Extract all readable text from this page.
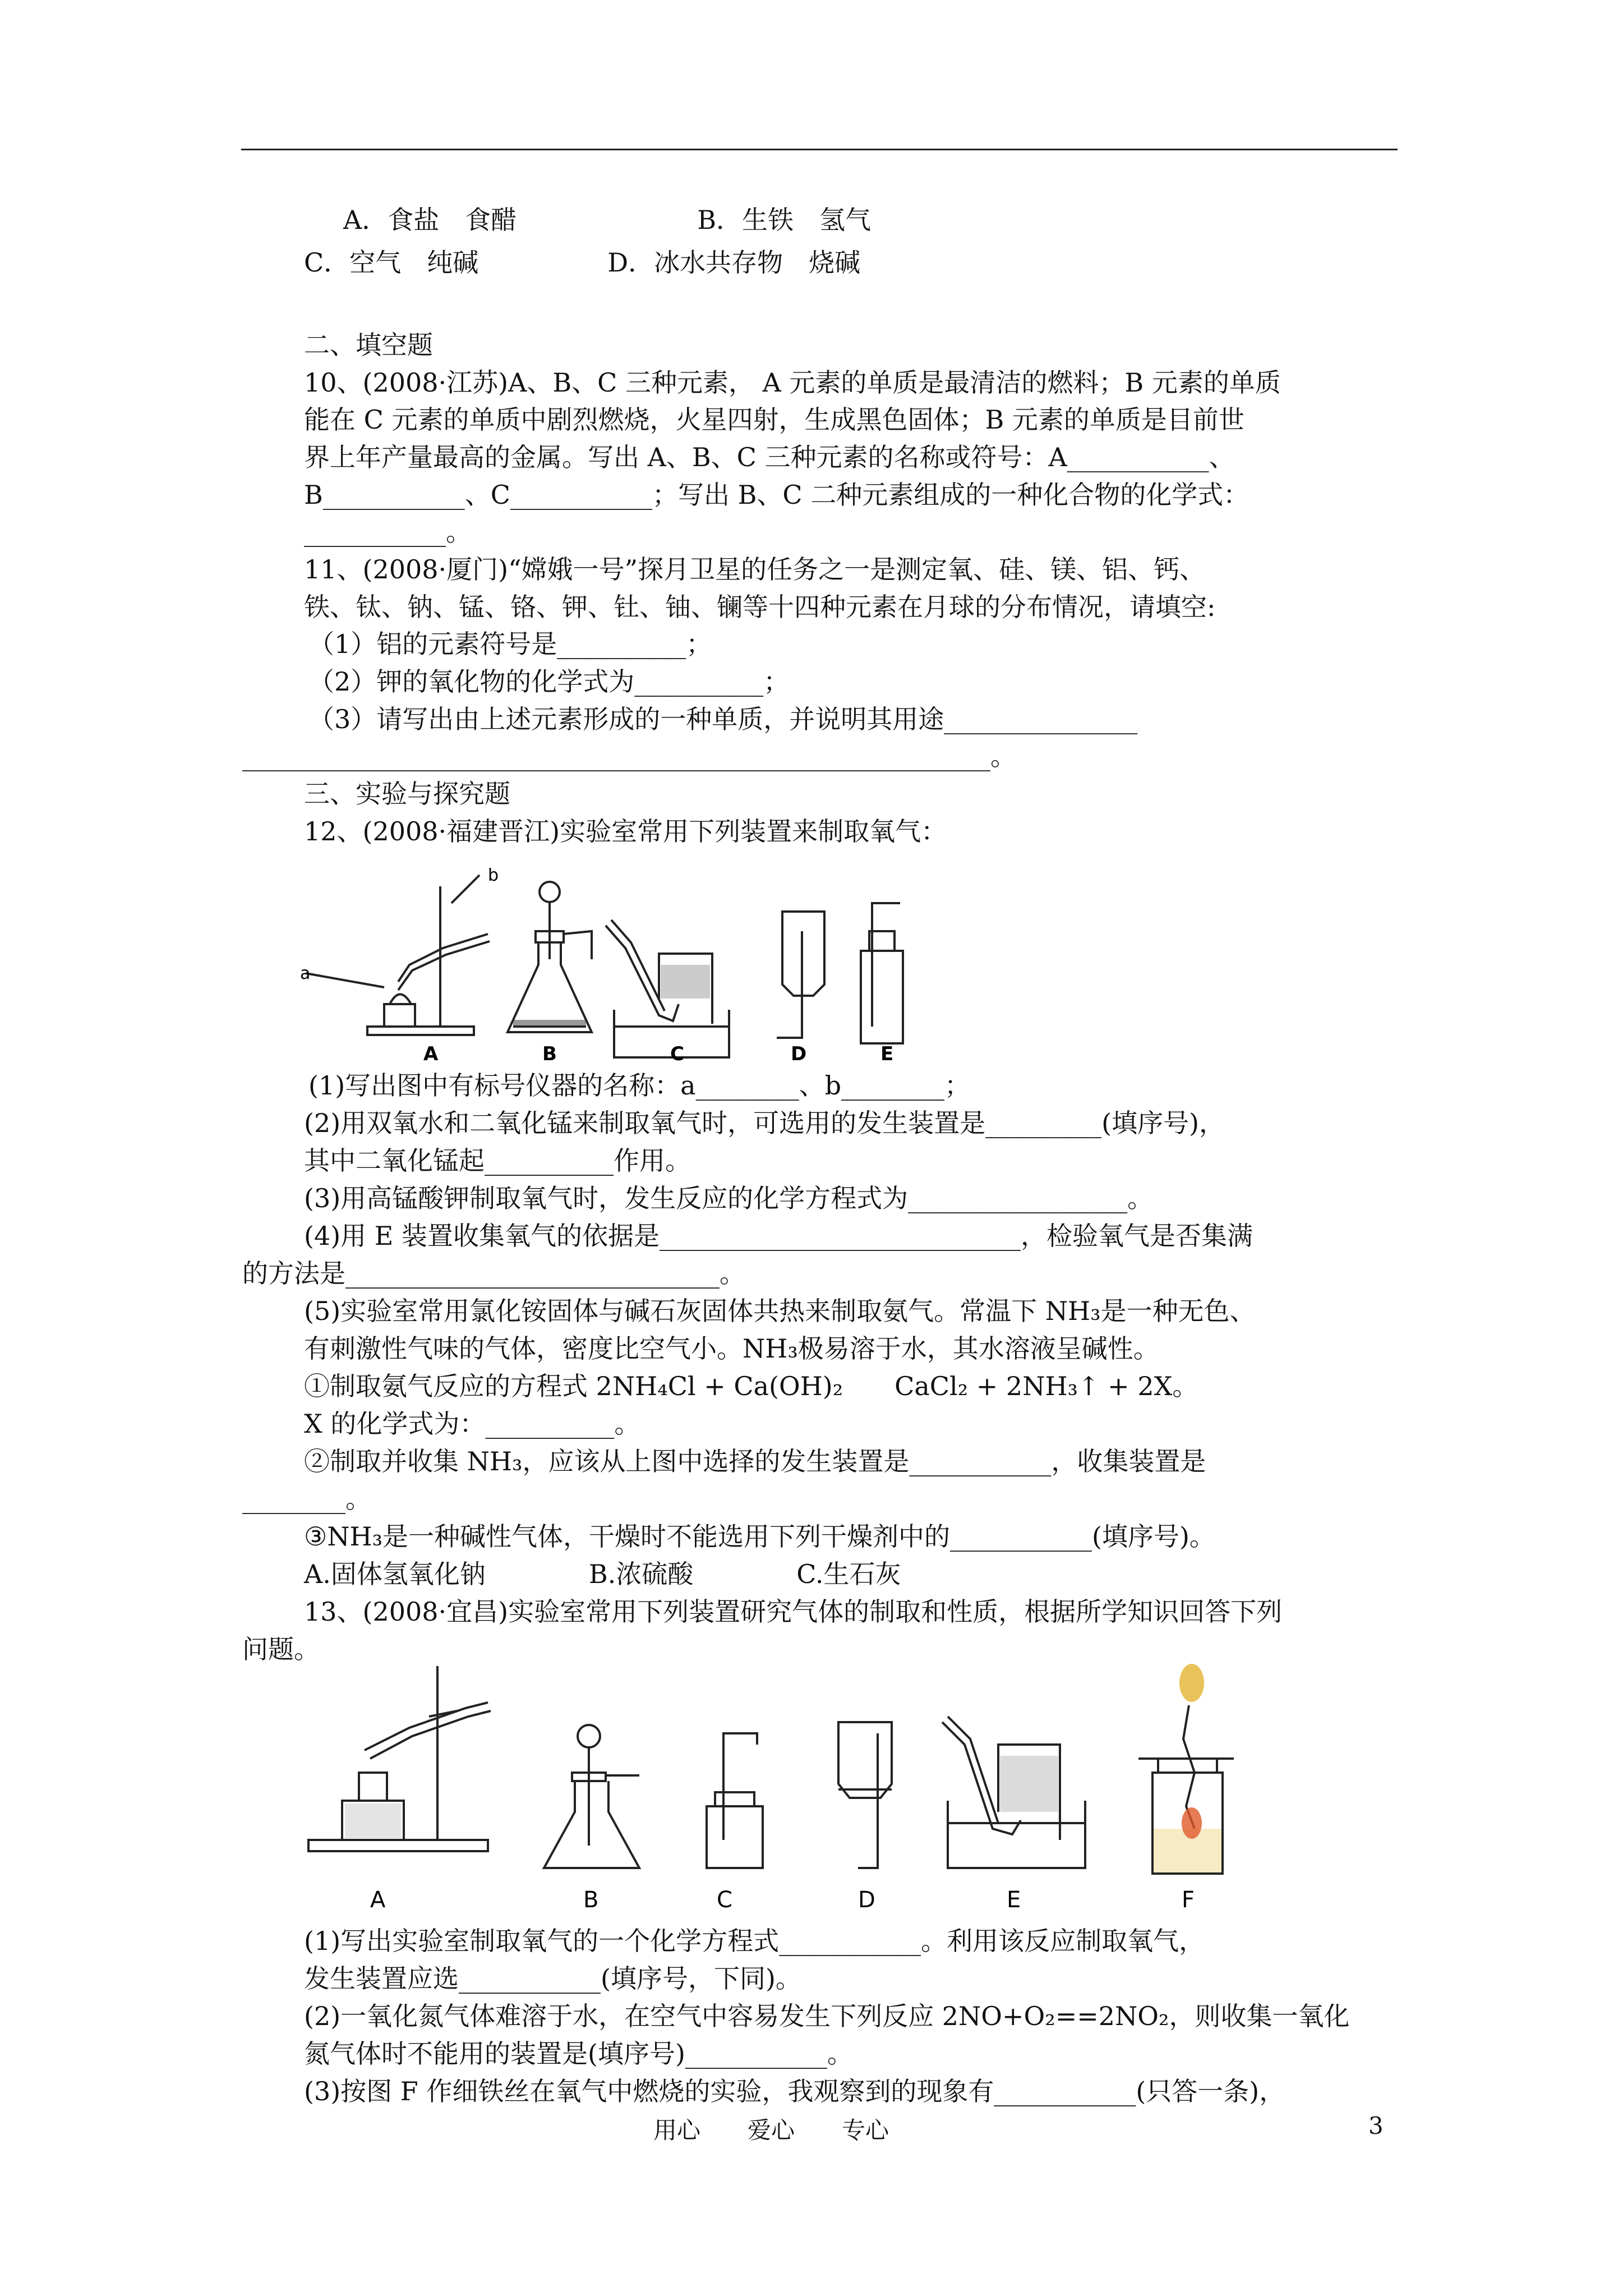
A．食盐　食醋　　　　　　　B．生铁　氢气
C．空气　纯碱　　　　　D．冰水共存物　烧碱
二、填空题
10、(2008·江苏)A、B、C 三种元素， A 元素的单质是最清洁的燃料；B 元素的单质
能在 C 元素的单质中剧烈燃烧，火星四射，生成黑色固体；B 元素的单质是目前世
界上年产量最高的金属。写出 A、B、C 三种元素的名称或符号：A___________、
B___________、C___________；写出 B、C 二种元素组成的一种化合物的化学式：
___________。
11、(2008·厦门)“嫦娥一号”探月卫星的任务之一是测定氧、硅、镁、铝、钙、
铁、钛、钠、锰、铬、钾、钍、铀、镧等十四种元素在月球的分布情况，请填空:
（1）铝的元素符号是__________；
（2）钾的氧化物的化学式为__________；
（3）请写出由上述元素形成的一种单质，并说明其用途_______________
__________________________________________________________。
三、实验与探究题
12、(2008·福建晋江)实验室常用下列装置来制取氧气：
a
b
A	B	C	D	E
(1)写出图中有标号仪器的名称：a________、b________；
(2)用双氧水和二氧化锰来制取氧气时，可选用的发生装置是_________(填序号)，
其中二氧化锰起__________作用。
(3)用高锰酸钾制取氧气时，发生反应的化学方程式为_________________。
(4)用 E 装置收集氧气的依据是____________________________，检验氧气是否集满
的方法是_____________________________。
(5)实验室常用氯化铵固体与碱石灰固体共热来制取氨气。常温下 NH₃是一种无色、
有刺激性气味的气体，密度比空气小。NH₃极易溶于水，其水溶液呈碱性。
①制取氨气反应的方程式 2NH₄Cl + Ca(OH)₂　　CaCl₂ + 2NH₃↑ + 2X。
X 的化学式为：__________。
②制取并收集 NH₃，应该从上图中选择的发生装置是___________，收集装置是
________。
③NH₃是一种碱性气体，干燥时不能选用下列干燥剂中的___________(填序号)。
A.固体氢氧化钠　　　　B.浓硫酸　　　　C.生石灰
13、(2008·宜昌)实验室常用下列装置研究气体的制取和性质，根据所学知识回答下列
问题。
A	B	C	D	E	F
(1)写出实验室制取氧气的一个化学方程式___________。利用该反应制取氧气，
发生装置应选___________(填序号，下同)。
(2)一氧化氮气体难溶于水，在空气中容易发生下列反应 2NO+O₂==2NO₂，则收集一氧化
氮气体时不能用的装置是(填序号)___________。
(3)按图 F 作细铁丝在氧气中燃烧的实验，我观察到的现象有___________(只答一条)，
用心　　爱心　　专心	3
